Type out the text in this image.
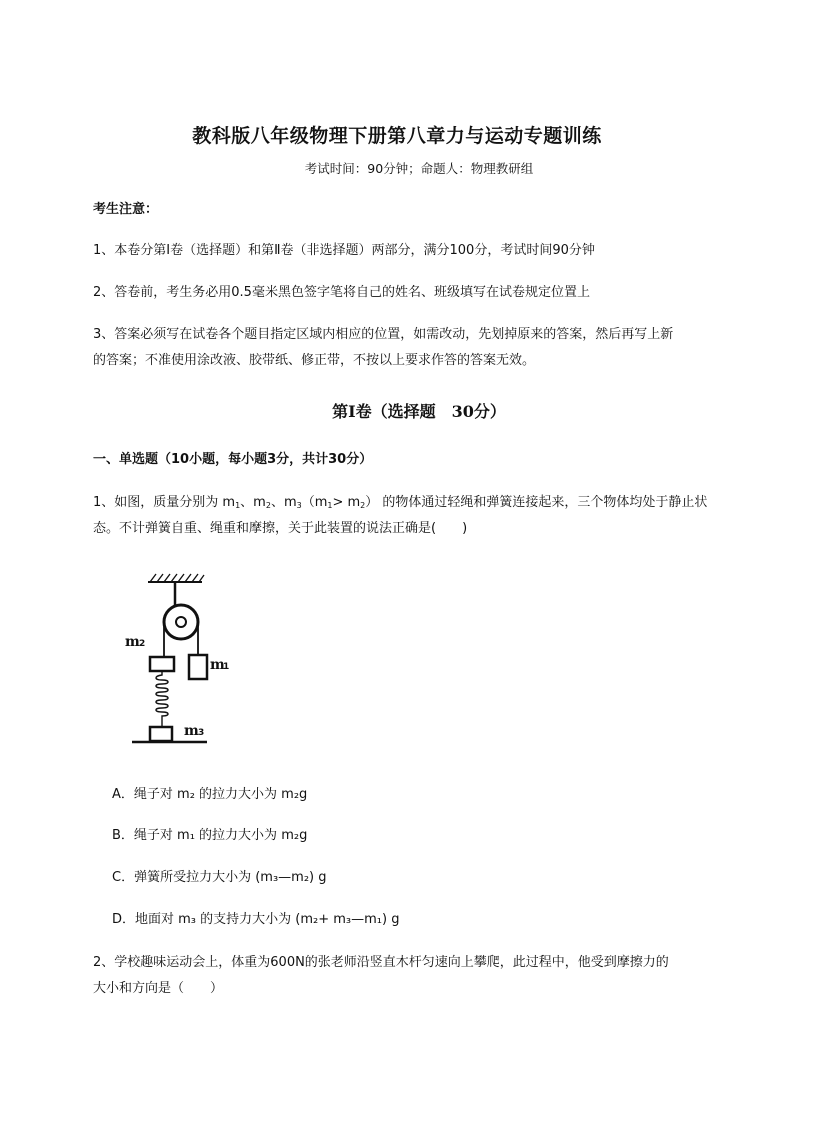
教科版八年级物理下册第八章力与运动专题训练
考试时间：90分钟；命题人：物理教研组
考生注意：
1、本卷分第Ⅰ卷（选择题）和第Ⅱ卷（非选择题）两部分，满分100分，考试时间90分钟
2、答卷前，考生务必用0.5毫米黑色签字笔将自己的姓名、班级填写在试卷规定位置上
3、答案必须写在试卷各个题目指定区域内相应的位置，如需改动，先划掉原来的答案，然后再写上新
的答案；不准使用涂改液、胶带纸、修正带，不按以上要求作答的答案无效。
第Ⅰ卷（选择题　30分）
一、单选题（10小题，每小题3分，共计30分）
1、如图，质量分别为 $m_1$、$m_2$、$m_3(m_1> m_2)$ 的物体通过轻绳和弹簧连接起来，三个物体均处于静止状
态。不计弹簧自重、绳重和摩擦，关于此装置的说法正确是(　　)
m 2
m
1
m 3
A．绳子对 m₂ 的拉力大小为 m₂g
B．绳子对 m₁ 的拉力大小为 m₂g
C．弹簧所受拉力大小为 (m₃—m₂) g
D．地面对 m₃ 的支持力大小为 (m₂+ m₃—m₁) g
2、学校趣味运动会上，体重为600N的张老师沿竖直木杆匀速向上攀爬，此过程中，他受到摩擦力的
大小和方向是（　　）
